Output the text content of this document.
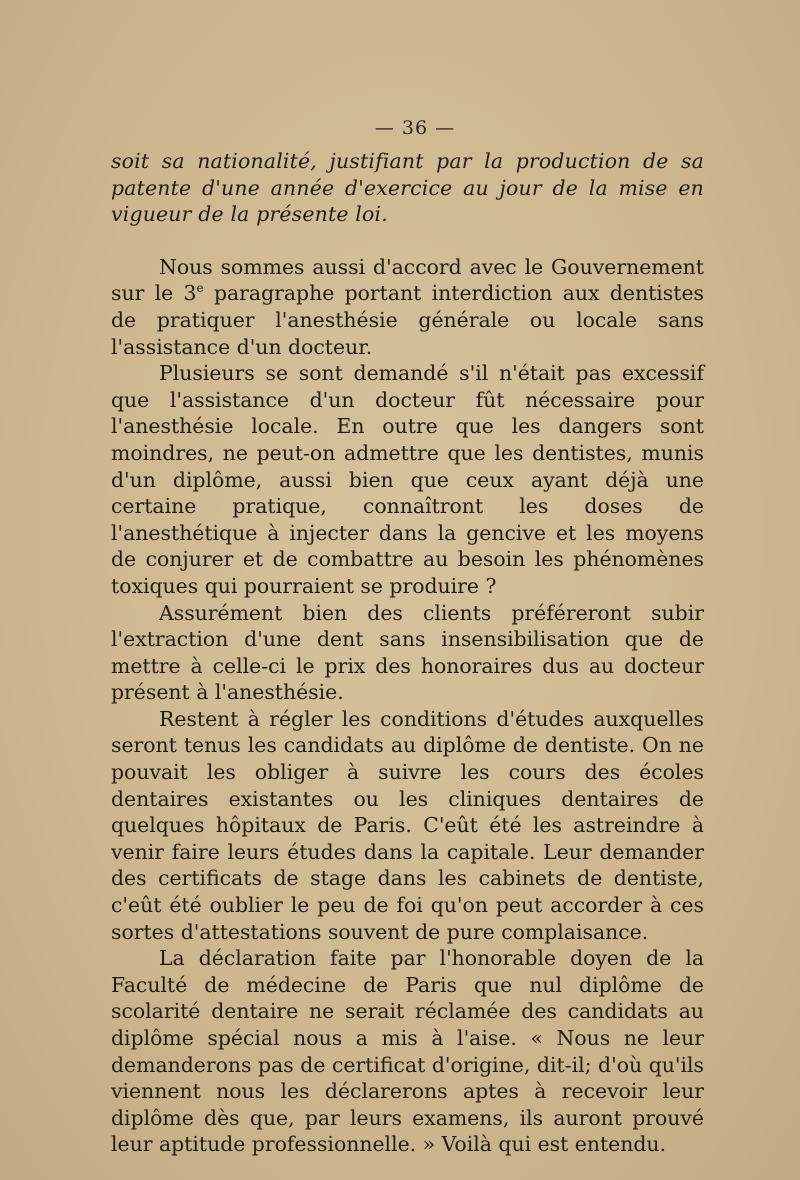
— 36 —

soit sa nationalité, justifiant par la production de sa patente d'une année d'exercice au jour de la mise en vigueur de la présente loi.

Nous sommes aussi d'accord avec le Gouvernement sur le 3e paragraphe portant interdiction aux dentistes de pratiquer l'anesthésie générale ou locale sans l'assistance d'un docteur.

Plusieurs se sont demandé s'il n'était pas excessif que l'assistance d'un docteur fût nécessaire pour l'anesthésie locale. En outre que les dangers sont moindres, ne peut-on admettre que les dentistes, munis d'un diplôme, aussi bien que ceux ayant déjà une certaine pratique, connaîtront les doses de l'anesthétique à injecter dans la gencive et les moyens de conjurer et de combattre au besoin les phénomènes toxiques qui pourraient se produire ?

Assurément bien des clients préféreront subir l'extraction d'une dent sans insensibilisation que de mettre à celle-ci le prix des honoraires dus au docteur présent à l'anesthésie.

Restent à régler les conditions d'études auxquelles seront tenus les candidats au diplôme de dentiste. On ne pouvait les obliger à suivre les cours des écoles dentaires existantes ou les cliniques dentaires de quelques hôpitaux de Paris. C'eût été les astreindre à venir faire leurs études dans la capitale. Leur demander des certificats de stage dans les cabinets de dentiste, c'eût été oublier le peu de foi qu'on peut accorder à ces sortes d'attestations souvent de pure complaisance.

La déclaration faite par l'honorable doyen de la Faculté de médecine de Paris que nul diplôme de scolarité dentaire ne serait réclamée des candidats au diplôme spécial nous a mis à l'aise. « Nous ne leur demanderons pas de certificat d'origine, dit-il; d'où qu'ils viennent nous les déclarerons aptes à recevoir leur diplôme dès que, par leurs examens, ils auront prouvé leur aptitude professionnelle. » Voilà qui est entendu.
